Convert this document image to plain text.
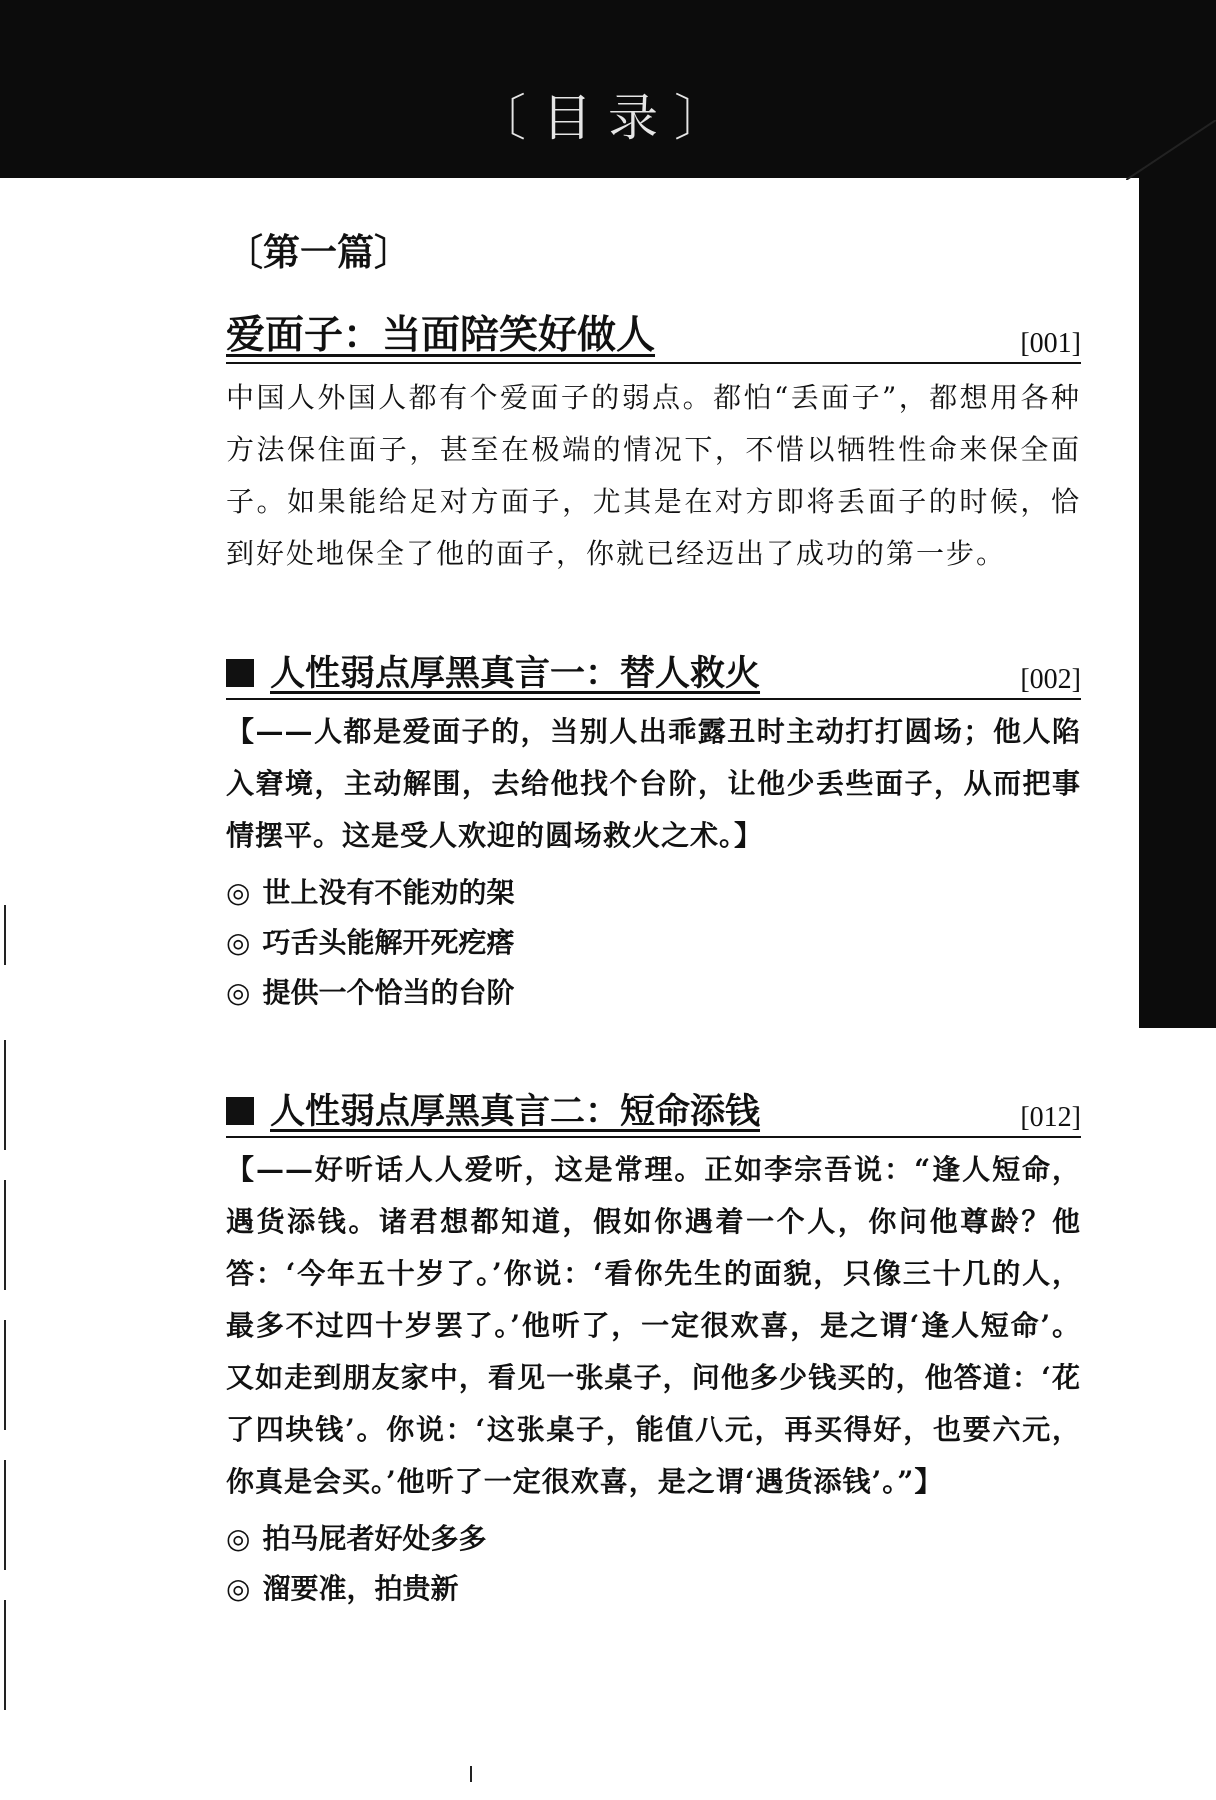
〔目录〕
〔第一篇〕
爱面子：当面陪笑好做人	[001]

中国人外国人都有个爱面子的弱点。都怕“丢面子”，都想用各种方法保住面子，甚至在极端的情况下，不惜以牺牲性命来保全面子。如果能给足对方面子，尤其是在对方即将丢面子的时候，恰到好处地保全了他的面子，你就已经迈出了成功的第一步。

人性弱点厚黑真言一：替人救火	[002]

【——人都是爱面子的，当别人出乖露丑时主动打打圆场；他人陷入窘境，主动解围，去给他找个台阶，让他少丢些面子，从而把事情摆平。这是受人欢迎的圆场救火之术。】

◎ 世上没有不能劝的架
◎ 巧舌头能解开死疙瘩
◎ 提供一个恰当的台阶
人性弱点厚黑真言二：短命添钱	[012]

【——好听话人人爱听，这是常理。正如李宗吾说：“逢人短命，遇货添钱。诸君想都知道，假如你遇着一个人，你问他尊龄？他答：‘今年五十岁了。’你说：‘看你先生的面貌，只像三十几的人，最多不过四十岁罢了。’他听了，一定很欢喜，是之谓‘逢人短命’。又如走到朋友家中，看见一张桌子，问他多少钱买的，他答道：‘花了四块钱’。你说：‘这张桌子，能值八元，再买得好，也要六元，你真是会买。’他听了一定很欢喜，是之谓‘遇货添钱’。”】

◎ 拍马屁者好处多多
◎ 溜要准，拍贵新
